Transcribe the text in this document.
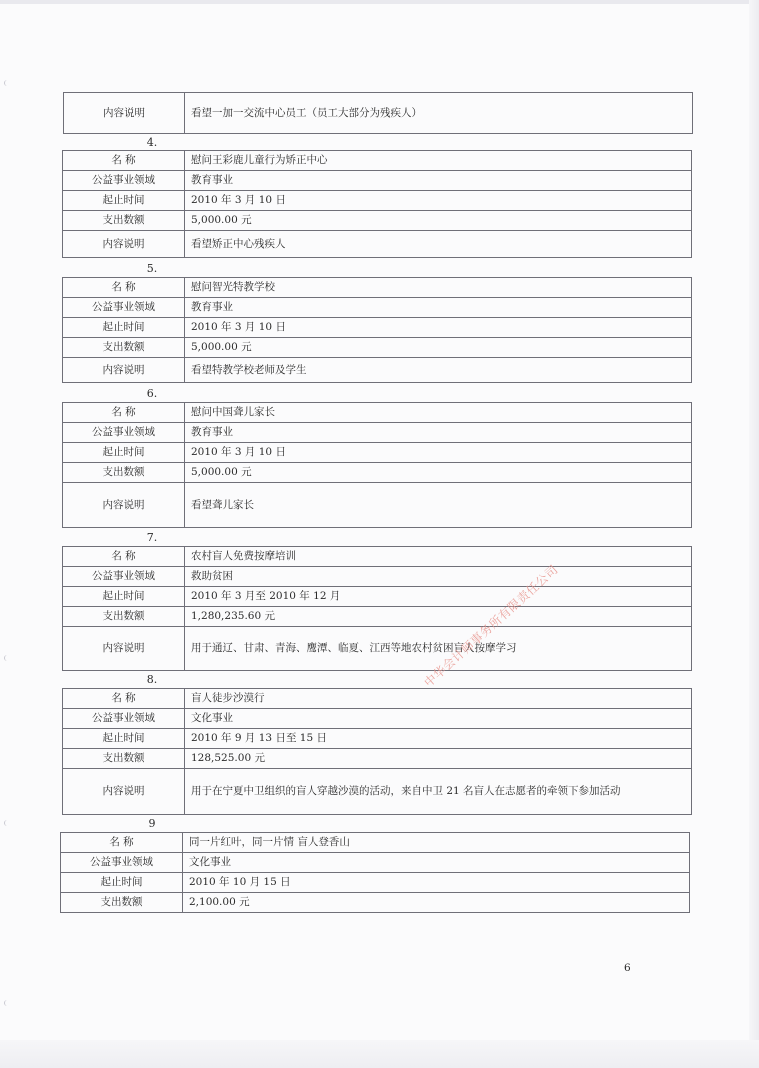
内容说明	看望一加一交流中心员工（员工大部分为残疾人）
4.
名 称	慰问王彩鹿儿童行为矫正中心
公益事业领域	教育事业
起止时间	2010 年 3 月 10 日
支出数额	5,000.00 元
内容说明	看望矫正中心残疾人
5.
名 称	慰问智光特教学校
公益事业领域	教育事业
起止时间	2010 年 3 月 10 日
支出数额	5,000.00 元
内容说明	看望特教学校老师及学生
6.
名 称	慰问中国聋儿家长
公益事业领域	教育事业
起止时间	2010 年 3 月 10 日
支出数额	5,000.00 元
内容说明	看望聋儿家长
7.
名 称	农村盲人免费按摩培训
公益事业领域	救助贫困
起止时间	2010 年 3 月至 2010 年 12 月
支出数额	1,280,235.60 元
内容说明	用于通辽、甘肃、青海、鹰潭、临夏、江西等地农村贫困盲人按摩学习
8.
名 称	盲人徒步沙漠行
公益事业领域	文化事业
起止时间	2010 年 9 月 13 日至 15 日
支出数额	128,525.00 元
内容说明	用于在宁夏中卫组织的盲人穿越沙漠的活动，来自中卫 21 名盲人在志愿者的牵领下参加活动
9
名 称	同一片红叶，同一片情 盲人登香山
公益事业领域	文化事业
起止时间	2010 年 10 月 15 日
支出数额	2,100.00 元
中华会计师事务所有限责任公司
6
